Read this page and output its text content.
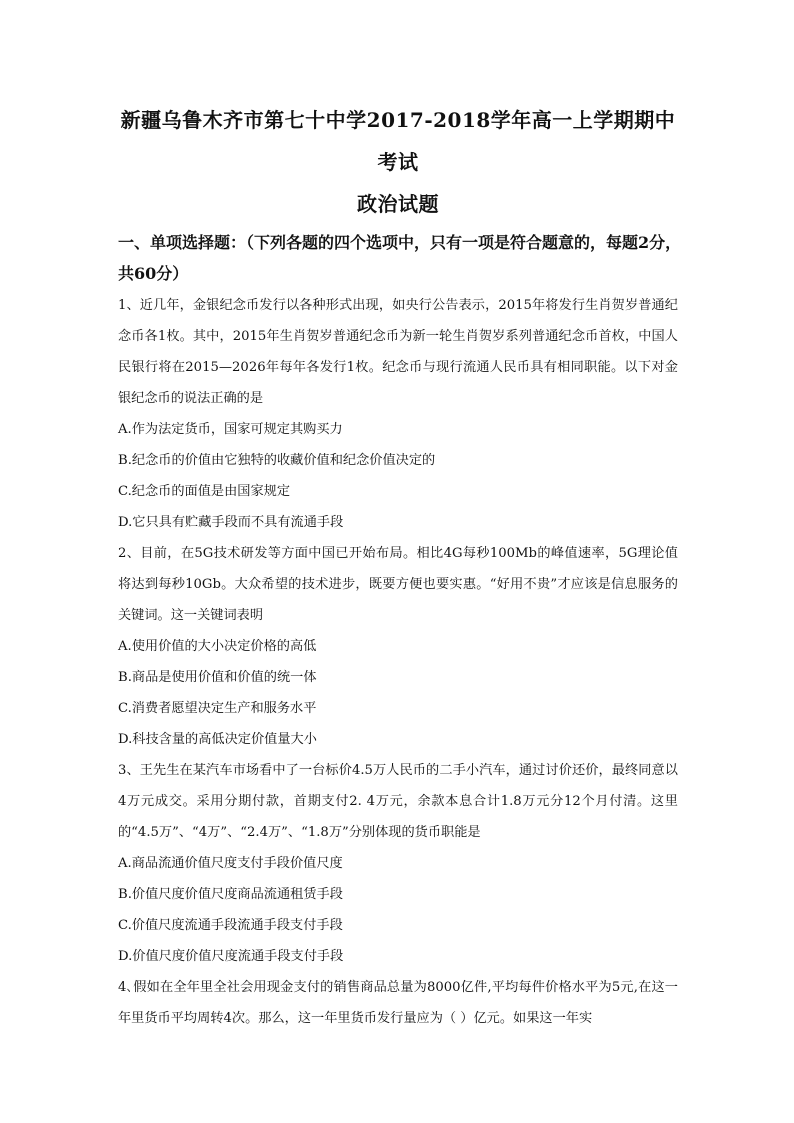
新疆乌鲁木齐市第七十中学2017-2018学年高一上学期期中
考试
政治试题
一、单项选择题：（下列各题的四个选项中，只有一项是符合题意的，每题2分，共60分）

1、近几年，金银纪念币发行以各种形式出现，如央行公告表示，2015年将发行生肖贺岁普通纪念币各1枚。其中，2015年生肖贺岁普通纪念币为新一轮生肖贺岁系列普通纪念币首枚，中国人民银行将在2015—2026年每年各发行1枚。纪念币与现行流通人民币具有相同职能。以下对金银纪念币的说法正确的是

A.作为法定货币，国家可规定其购买力

B.纪念币的价值由它独特的收藏价值和纪念价值决定的

C.纪念币的面值是由国家规定

D.它只具有贮藏手段而不具有流通手段

2、目前，在5G技术研发等方面中国已开始布局。相比4G每秒100Mb的峰值速率，5G理论值将达到每秒10Gb。大众希望的技术进步，既要方便也要实惠。“好用不贵”才应该是信息服务的关键词。这一关键词表明

A.使用价值的大小决定价格的高低

B.商品是使用价值和价值的统一体

C.消费者愿望决定生产和服务水平

D.科技含量的高低决定价值量大小

3、王先生在某汽车市场看中了一台标价4.5万人民币的二手小汽车，通过讨价还价，最终同意以4万元成交。采用分期付款，首期支付2. 4万元，余款本息合计1.8万元分12个月付清。这里的“4.5万”、“4万”、“2.4万”、“1.8万”分别体现的货币职能是

A.商品流通价值尺度支付手段价值尺度

B.价值尺度价值尺度商品流通租赁手段

C.价值尺度流通手段流通手段支付手段

D.价值尺度价值尺度流通手段支付手段

4､假如在全年里全社会用现金支付的销售商品总量为8000亿件,平均每件价格水平为5元,在这一年里货币平均周转4次。那么，这一年里货币发行量应为（ ）亿元。如果这一年实
